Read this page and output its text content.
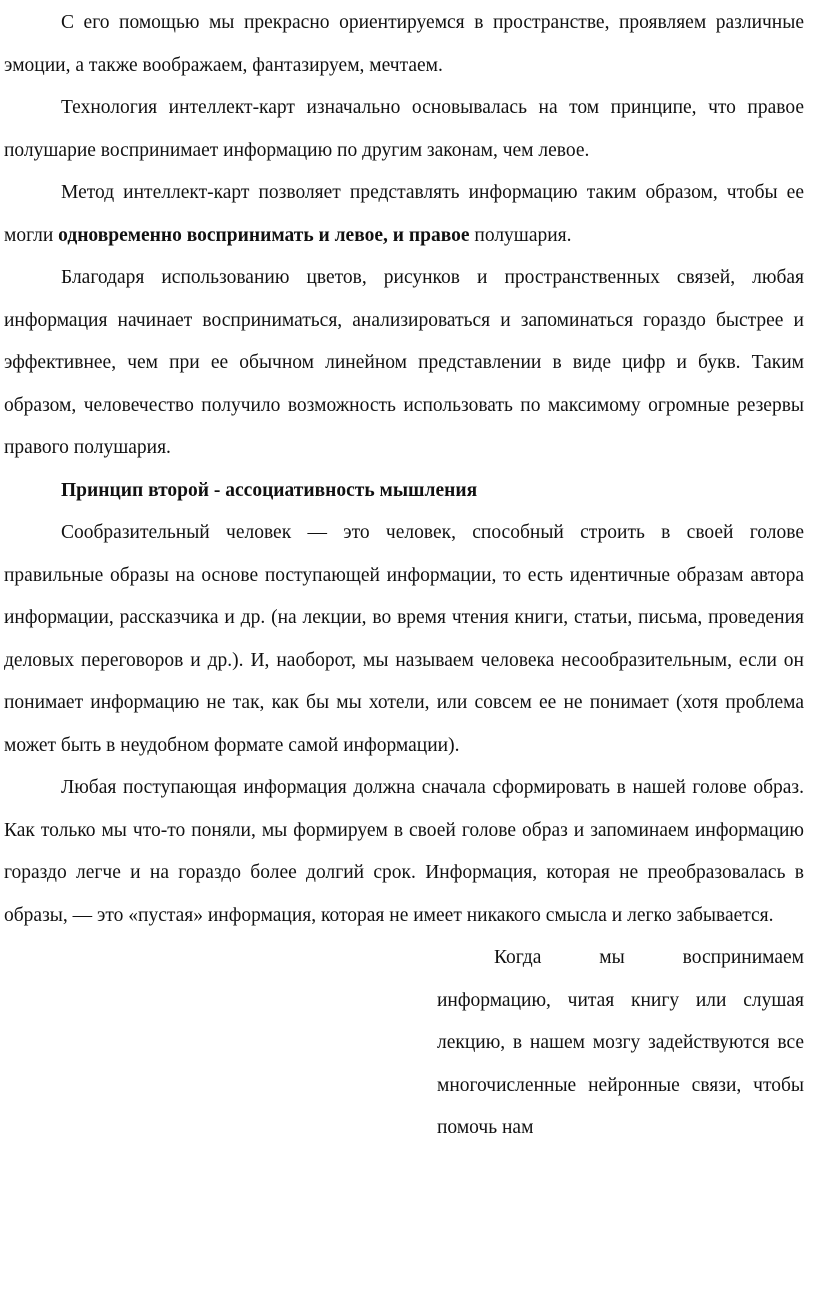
С его помощью мы прекрасно ориентируемся в пространстве, проявляем различные эмоции, а также воображаем, фантазируем, мечтаем.

Технология интеллект-карт изначально основывалась на том принципе, что правое полушарие воспринимает информацию по другим законам, чем левое.

Метод интеллект-карт позволяет представлять информацию таким образом, чтобы ее могли одновременно воспринимать и левое, и правое полушария.

Благодаря использованию цветов, рисунков и пространственных связей, любая информация начинает восприниматься, анализироваться и запоминаться гораздо быстрее и эффективнее, чем при ее обычном линейном представлении в виде цифр и букв. Таким образом, человечество получило возможность использовать по максимому огромные резервы правого полушария.

Принцип второй - ассоциативность мышления

Сообразительный человек — это человек, способный строить в своей голове правильные образы на основе поступающей информации, то есть идентичные образам автора информации, рассказчика и др. (на лекции, во время чтения книги, статьи, письма, проведения деловых переговоров и др.). И, наоборот, мы называем человека несообразительным, если он понимает информацию не так, как бы мы хотели, или совсем ее не понимает (хотя проблема может быть в неудобном формате самой информации).

Любая поступающая информация должна сначала сформировать в нашей голове образ. Как только мы что-то поняли, мы формируем в своей голове образ и запоминаем информацию гораздо легче и на гораздо более долгий срок. Информация, которая не преобразовалась в образы, — это «пустая» информация, которая не имеет никакого смысла и легко забывается.

Когда мы воспринимаем информацию, читая книгу или слушая лекцию, в нашем мозгу задействуются все многочисленные нейронные связи, чтобы помочь нам
